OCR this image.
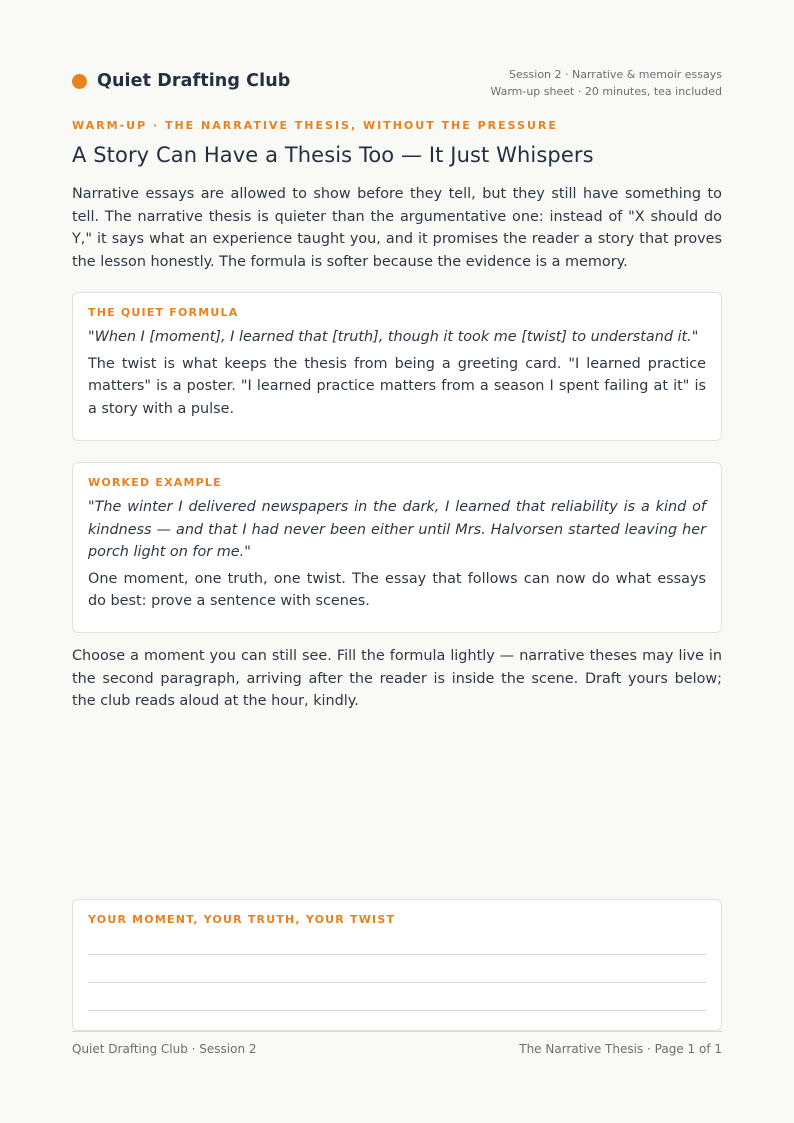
Quiet Drafting Club	Session 2 · Narrative & memoir essays
Warm-up sheet · 20 minutes, tea included
WARM-UP · THE NARRATIVE THESIS, WITHOUT THE PRESSURE
A Story Can Have a Thesis Too — It Just Whispers

Narrative essays are allowed to show before they tell, but they still have something to tell. The narrative thesis is quieter than the argumentative one: instead of "X should do Y," it says what an experience taught you, and it promises the reader a story that proves the lesson honestly. The formula is softer because the evidence is a memory.

THE QUIET FORMULA

"When I [moment], I learned that [truth], though it took me [twist] to understand it."

The twist is what keeps the thesis from being a greeting card. "I learned practice matters" is a poster. "I learned practice matters from a season I spent failing at it" is a story with a pulse.

WORKED EXAMPLE

"The winter I delivered newspapers in the dark, I learned that reliability is a kind of kindness — and that I had never been either until Mrs. Halvorsen started leaving her porch light on for me."

One moment, one truth, one twist. The essay that follows can now do what essays do best: prove a sentence with scenes.

Choose a moment you can still see. Fill the formula lightly — narrative theses may live in the second paragraph, arriving after the reader is inside the scene. Draft yours below; the club reads aloud at the hour, kindly.

YOUR MOMENT, YOUR TRUTH, YOUR TWIST
Quiet Drafting Club · Session 2	The Narrative Thesis · Page 1 of 1
